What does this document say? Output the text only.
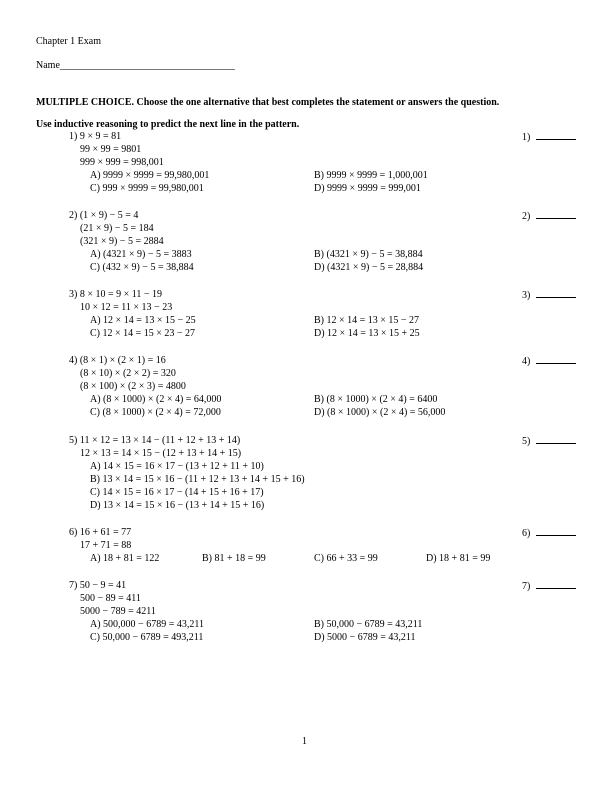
Chapter 1 Exam
Name___________________________________
MULTIPLE CHOICE. Choose the one alternative that best completes the statement or answers the question.
Use inductive reasoning to predict the next line in the pattern.
1) 9 × 9 = 81
99 × 99 = 9801
999 × 999 = 998,001
A) 9999 × 9999 = 99,980,001	B) 9999 × 9999 = 1,000,001
C) 999 × 9999 = 99,980,001	D) 9999 × 9999 = 999,001
1)
2) (1 × 9) − 5 = 4
(21 × 9) − 5 = 184
(321 × 9) − 5 = 2884
A) (4321 × 9) − 5 = 3883	B) (4321 × 9) − 5 = 38,884
C) (432 × 9) − 5 = 38,884	D) (4321 × 9) − 5 = 28,884
2)
3) 8 × 10 = 9 × 11 − 19
10 × 12 = 11 × 13 − 23
A) 12 × 14 = 13 × 15 − 25	B) 12 × 14 = 13 × 15 − 27
C) 12 × 14 = 15 × 23 − 27	D) 12 × 14 = 13 × 15 + 25
3)
4) (8 × 1) × (2 × 1) = 16
(8 × 10) × (2 × 2) = 320
(8 × 100) × (2 × 3) = 4800
A) (8 × 1000) × (2 × 4) = 64,000	B) (8 × 1000) × (2 × 4) = 6400
C) (8 × 1000) × (2 × 4) = 72,000	D) (8 × 1000) × (2 × 4) = 56,000
4)
5) 11 × 12 = 13 × 14 − (11 + 12 + 13 + 14)
12 × 13 = 14 × 15 − (12 + 13 + 14 + 15)
A) 14 × 15 = 16 × 17 − (13 + 12 + 11 + 10)
B) 13 × 14 = 15 × 16 − (11 + 12 + 13 + 14 + 15 + 16)
C) 14 × 15 = 16 × 17 − (14 + 15 + 16 + 17)
D) 13 × 14 = 15 × 16 − (13 + 14 + 15 + 16)
5)
6) 16 + 61 = 77
17 + 71 = 88
A) 18 + 81 = 122	B) 81 + 18 = 99	C) 66 + 33 = 99	D) 18 + 81 = 99
6)
7) 50 − 9 = 41
500 − 89 = 411
5000 − 789 = 4211
A) 500,000 − 6789 = 43,211	B) 50,000 − 6789 = 43,211
C) 50,000 − 6789 = 493,211	D) 5000 − 6789 = 43,211
7)
1
